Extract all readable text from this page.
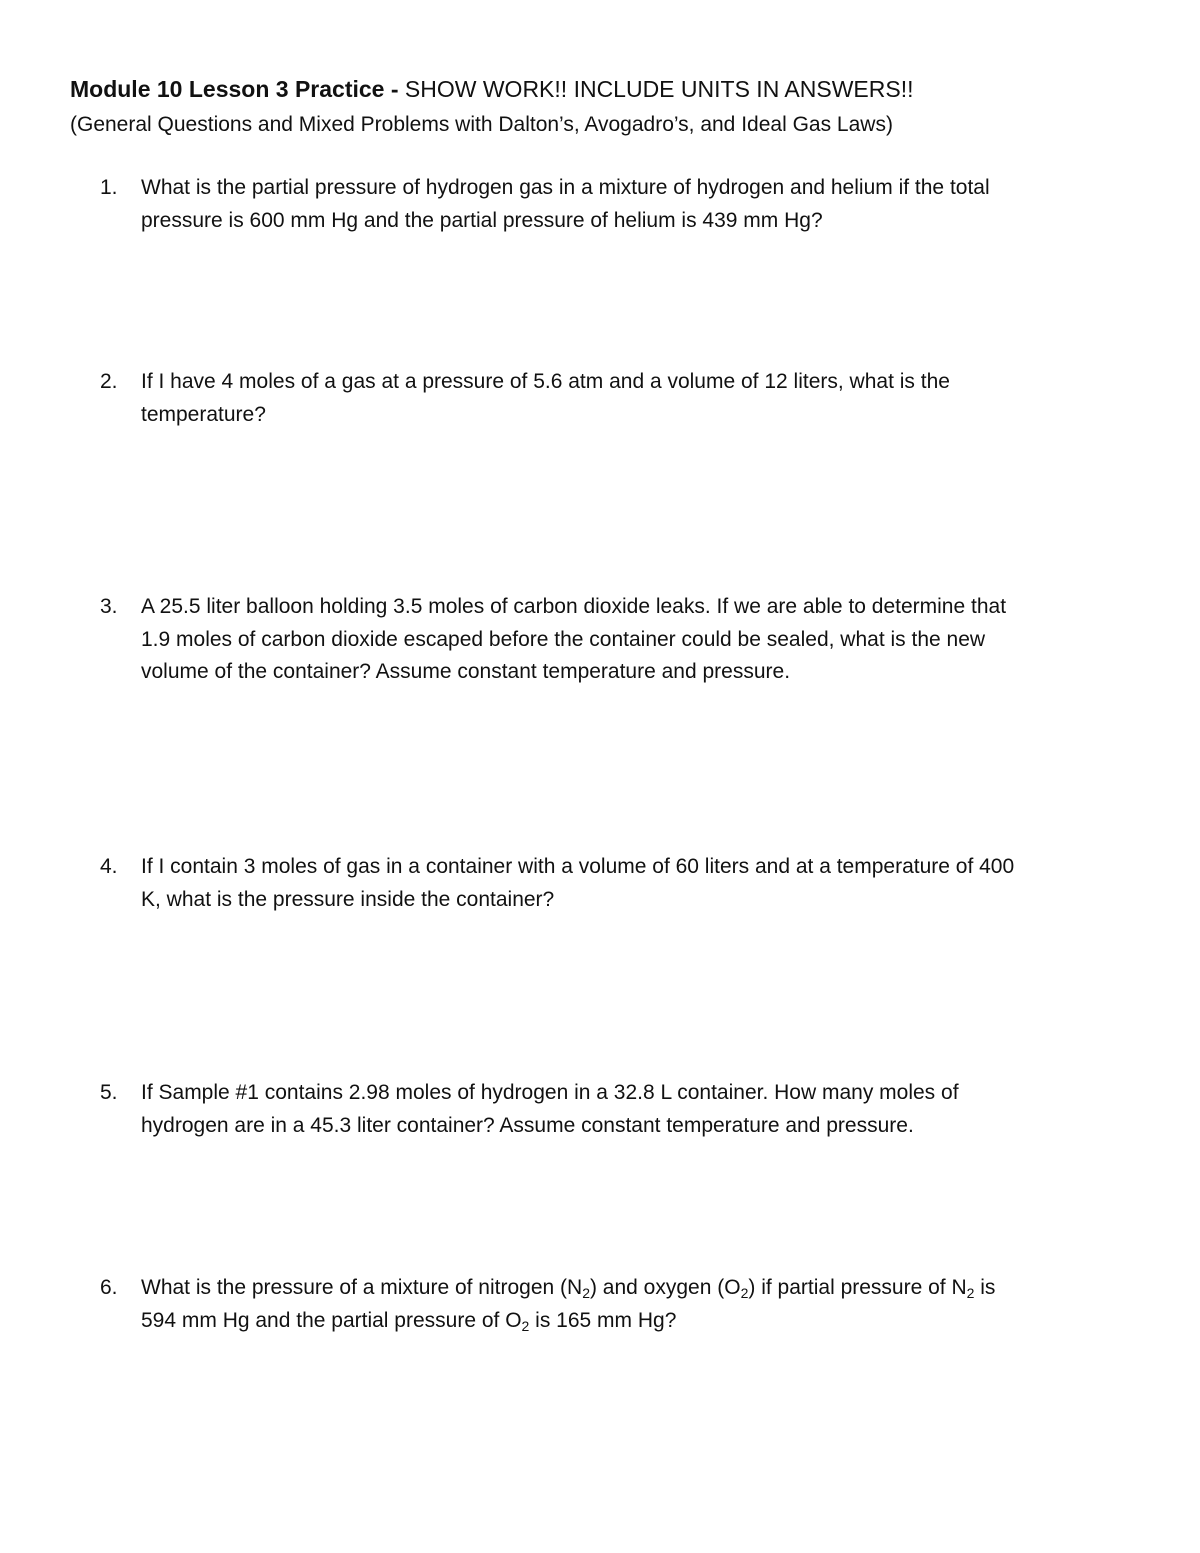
Module 10 Lesson 3 Practice - SHOW WORK!! INCLUDE UNITS IN ANSWERS!!
(General Questions and Mixed Problems with Dalton’s, Avogadro’s, and Ideal Gas Laws)
1.	What is the partial pressure of hydrogen gas in a mixture of hydrogen and helium if the total
pressure is 600 mm Hg and the partial pressure of helium is 439 mm Hg?
2.	If I have 4 moles of a gas at a pressure of 5.6 atm and a volume of 12 liters, what is the
temperature?
3.	A 25.5 liter balloon holding 3.5 moles of carbon dioxide leaks. If we are able to determine that
1.9 moles of carbon dioxide escaped before the container could be sealed, what is the new
volume of the container? Assume constant temperature and pressure.
4.	If I contain 3 moles of gas in a container with a volume of 60 liters and at a temperature of 400
K, what is the pressure inside the container?
5.	If Sample #1 contains 2.98 moles of hydrogen in a 32.8 L container. How many moles of
hydrogen are in a 45.3 liter container? Assume constant temperature and pressure.
6.	What is the pressure of a mixture of nitrogen $(N_2)$ and oxygen $(O_2)$ if partial pressure of $N_2$ is
594 mm Hg and the partial pressure of $O_2$ is 165 mm Hg?
